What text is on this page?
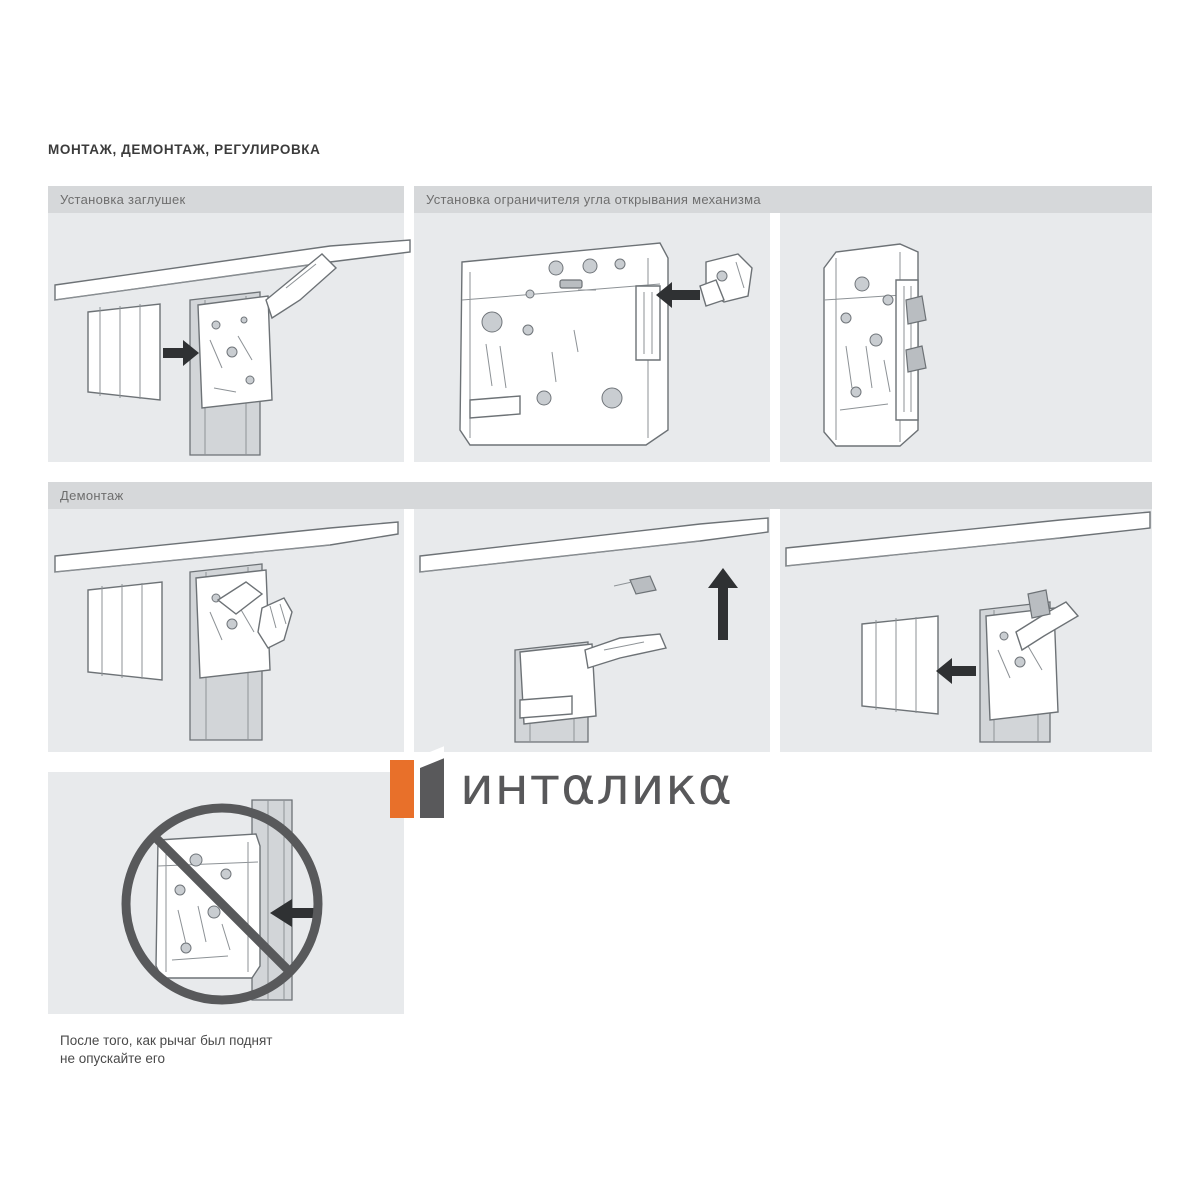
МОНТАЖ, ДЕМОНТАЖ, РЕГУЛИРОВКА
Установка заглушек	Установка ограничителя угла открывания механизма
Демонтаж
интαликα
После того, как рычаг был поднят
не опускайте его
